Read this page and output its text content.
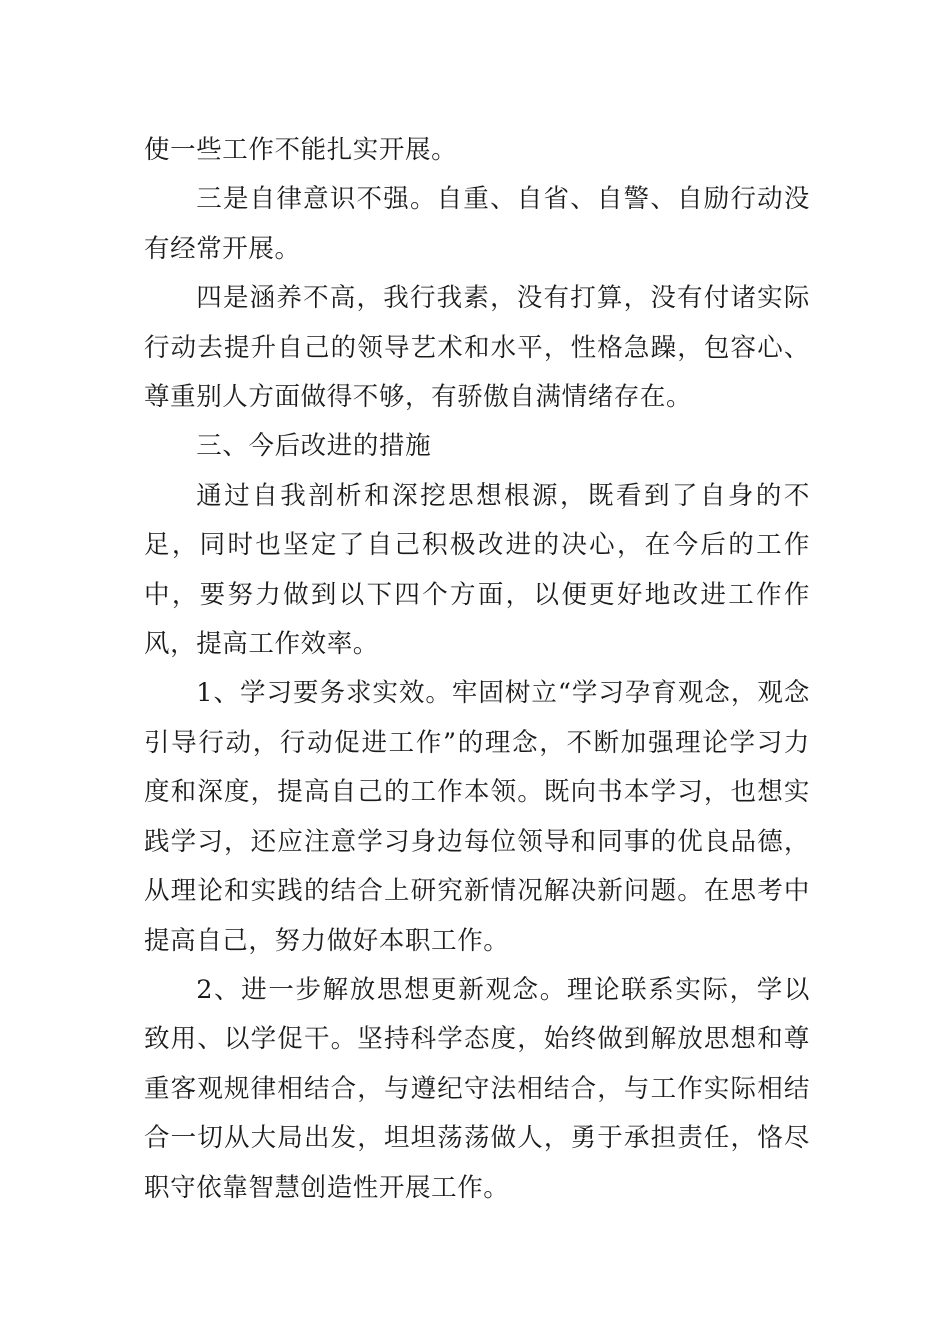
使一些工作不能扎实开展。

三是自律意识不强。自重、自省、自警、自励行动没有经常开展。

四是涵养不高，我行我素，没有打算，没有付诸实际行动去提升自己的领导艺术和水平，性格急躁，包容心、尊重别人方面做得不够，有骄傲自满情绪存在。

三、今后改进的措施

通过自我剖析和深挖思想根源，既看到了自身的不足，同时也坚定了自己积极改进的决心，在今后的工作中，要努力做到以下四个方面，以便更好地改进工作作风，提高工作效率。

1、学习要务求实效。牢固树立“学习孕育观念，观念引导行动，行动促进工作”的理念，不断加强理论学习力度和深度，提高自己的工作本领。既向书本学习，也想实践学习，还应注意学习身边每位领导和同事的优良品德，从理论和实践的结合上研究新情况解决新问题。在思考中提高自己，努力做好本职工作。

2、进一步解放思想更新观念。理论联系实际，学以致用、以学促干。坚持科学态度，始终做到解放思想和尊重客观规律相结合，与遵纪守法相结合，与工作实际相结合一切从大局出发，坦坦荡荡做人，勇于承担责任，恪尽职守依靠智慧创造性开展工作。
